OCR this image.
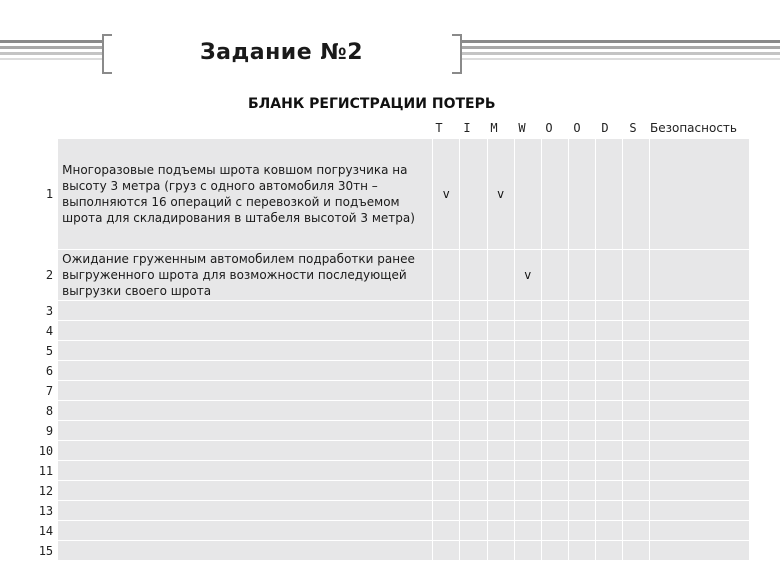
Задание №2
БЛАНК РЕГИСТРАЦИИ ПОТЕРЬ
T	I	M	W	O	O	D	S	Безопасность
1	Многоразовые подъемы шрота ковшом погрузчика на высоту 3 метра (груз с одного автомобиля 30тн –выполняются 16 операций с перевозкой и подъемом шрота для складирования в штабеля высотой 3 метра)	v		v						
2	Ожидание груженным автомобилем подработки ранее выгруженного шрота для возможности последующей выгрузки своего шрота				v					
3										
4										
5										
6										
7										
8										
9										
10										
11										
12										
13										
14										
15										
